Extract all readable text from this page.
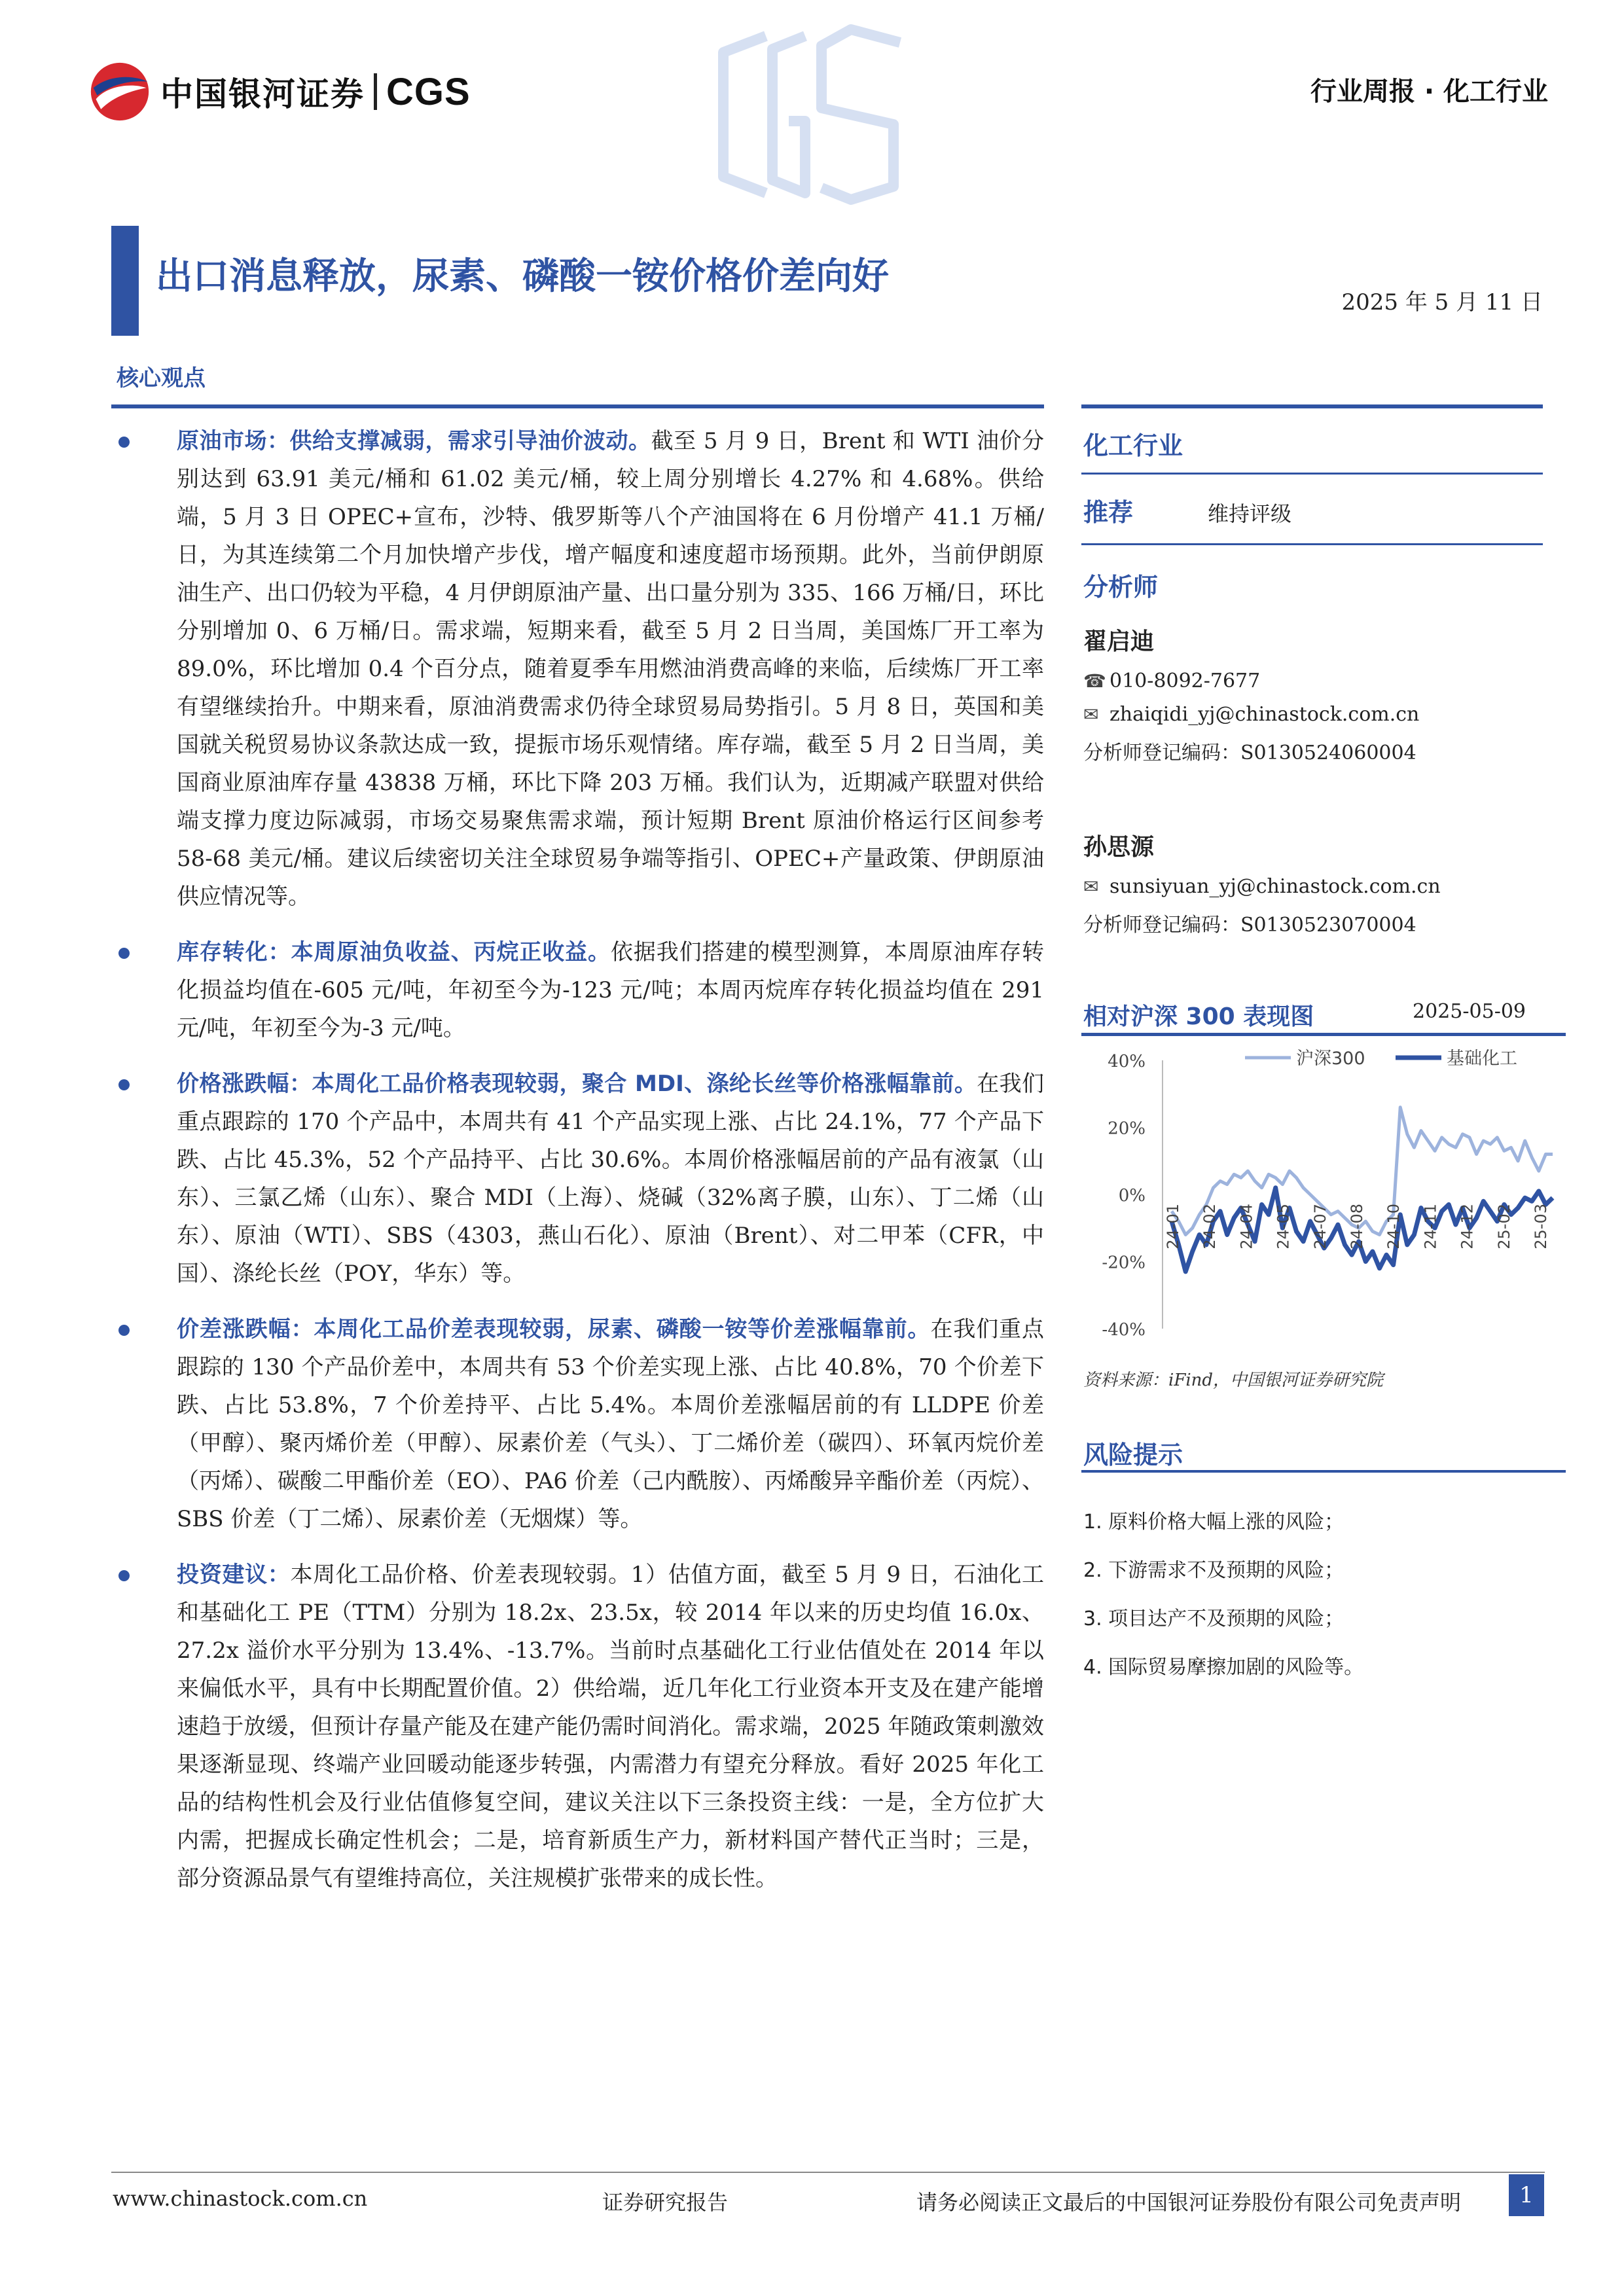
中国银河证券 CGS	行业周报 · 化工行业
出口消息释放，尿素、磷酸一铵价格价差向好
2025 年 5 月 11 日
核心观点
原油市场：供给支撑减弱，需求引导油价波动。截至 5 月 9 日，Brent 和 WTI 油价分别达到 63.91 美元/桶和 61.02 美元/桶，较上周分别增长 4.27% 和 4.68%。供给端，5 月 3 日 OPEC+宣布，沙特、俄罗斯等八个产油国将在 6 月份增产 41.1 万桶/日，为其连续第二个月加快增产步伐，增产幅度和速度超市场预期。此外，当前伊朗原油生产、出口仍较为平稳，4 月伊朗原油产量、出口量分别为 335、166 万桶/日，环比分别增加 0、6 万桶/日。需求端，短期来看，截至 5 月 2 日当周，美国炼厂开工率为 89.0%，环比增加 0.4 个百分点，随着夏季车用燃油消费高峰的来临，后续炼厂开工率有望继续抬升。中期来看，原油消费需求仍待全球贸易局势指引。5 月 8 日，英国和美国就关税贸易协议条款达成一致，提振市场乐观情绪。库存端，截至 5 月 2 日当周，美国商业原油库存量 43838 万桶，环比下降 203 万桶。我们认为，近期减产联盟对供给端支撑力度边际减弱，市场交易聚焦需求端，预计短期 Brent 原油价格运行区间参考 58-68 美元/桶。建议后续密切关注全球贸易争端等指引、OPEC+产量政策、伊朗原油供应情况等。
库存转化：本周原油负收益、丙烷正收益。依据我们搭建的模型测算，本周原油库存转化损益均值在-605 元/吨，年初至今为-123 元/吨；本周丙烷库存转化损益均值在 291 元/吨，年初至今为-3 元/吨。
价格涨跌幅：本周化工品价格表现较弱，聚合 MDI、涤纶长丝等价格涨幅靠前。在我们重点跟踪的 170 个产品中，本周共有 41 个产品实现上涨、占比 24.1%，77 个产品下跌、占比 45.3%，52 个产品持平、占比 30.6%。本周价格涨幅居前的产品有液氯（山东）、三氯乙烯（山东）、聚合 MDI（上海）、烧碱（32%离子膜，山东）、丁二烯（山东）、原油（WTI）、SBS（4303，燕山石化）、原油（Brent）、对二甲苯（CFR，中国）、涤纶长丝（POY，华东）等。
价差涨跌幅：本周化工品价差表现较弱，尿素、磷酸一铵等价差涨幅靠前。在我们重点跟踪的 130 个产品价差中，本周共有 53 个价差实现上涨、占比 40.8%，70 个价差下跌、占比 53.8%，7 个价差持平、占比 5.4%。本周价差涨幅居前的有 LLDPE 价差（甲醇）、聚丙烯价差（甲醇）、尿素价差（气头）、丁二烯价差（碳四）、环氧丙烷价差（丙烯）、碳酸二甲酯价差（EO）、PA6 价差（己内酰胺）、丙烯酸异辛酯价差（丙烷）、SBS 价差（丁二烯）、尿素价差（无烟煤）等。
投资建议：本周化工品价格、价差表现较弱。1）估值方面，截至 5 月 9 日，石油化工和基础化工 PE（TTM）分别为 18.2x、23.5x，较 2014 年以来的历史均值 16.0x、27.2x 溢价水平分别为 13.4%、-13.7%。当前时点基础化工行业估值处在 2014 年以来偏低水平，具有中长期配置价值。2）供给端，近几年化工行业资本开支及在建产能增速趋于放缓，但预计存量产能及在建产能仍需时间消化。需求端，2025 年随政策刺激效果逐渐显现、终端产业回暖动能逐步转强，内需潜力有望充分释放。看好 2025 年化工品的结构性机会及行业估值修复空间，建议关注以下三条投资主线：一是，全方位扩大内需，把握成长确定性机会；二是，培育新质生产力，新材料国产替代正当时；三是，部分资源品景气有望维持高位，关注规模扩张带来的成长性。
化工行业
推荐	维持评级
分析师
翟启迪
☎ 010-8092-7677
✉ zhaiqidi_yj@chinastock.com.cn
分析师登记编码：S0130524060004
孙思源
✉ sunsiyuan_yj@chinastock.com.cn
分析师登记编码：S0130523070004
相对沪深 300 表现图	2025-05-09
40%
20%
0%
-20%
-40%
24-01 24-02 24-04 24-05 24-07 24-08 24-10 24-11 24-12 25-02 25-03
沪深300	基础化工
资料来源：iFind，中国银河证券研究院
风险提示
1. 原料价格大幅上涨的风险；
2. 下游需求不及预期的风险；
3. 项目达产不及预期的风险；
4. 国际贸易摩擦加剧的风险等。
www.chinastock.com.cn	证券研究报告	请务必阅读正文最后的中国银河证券股份有限公司免责声明	1
